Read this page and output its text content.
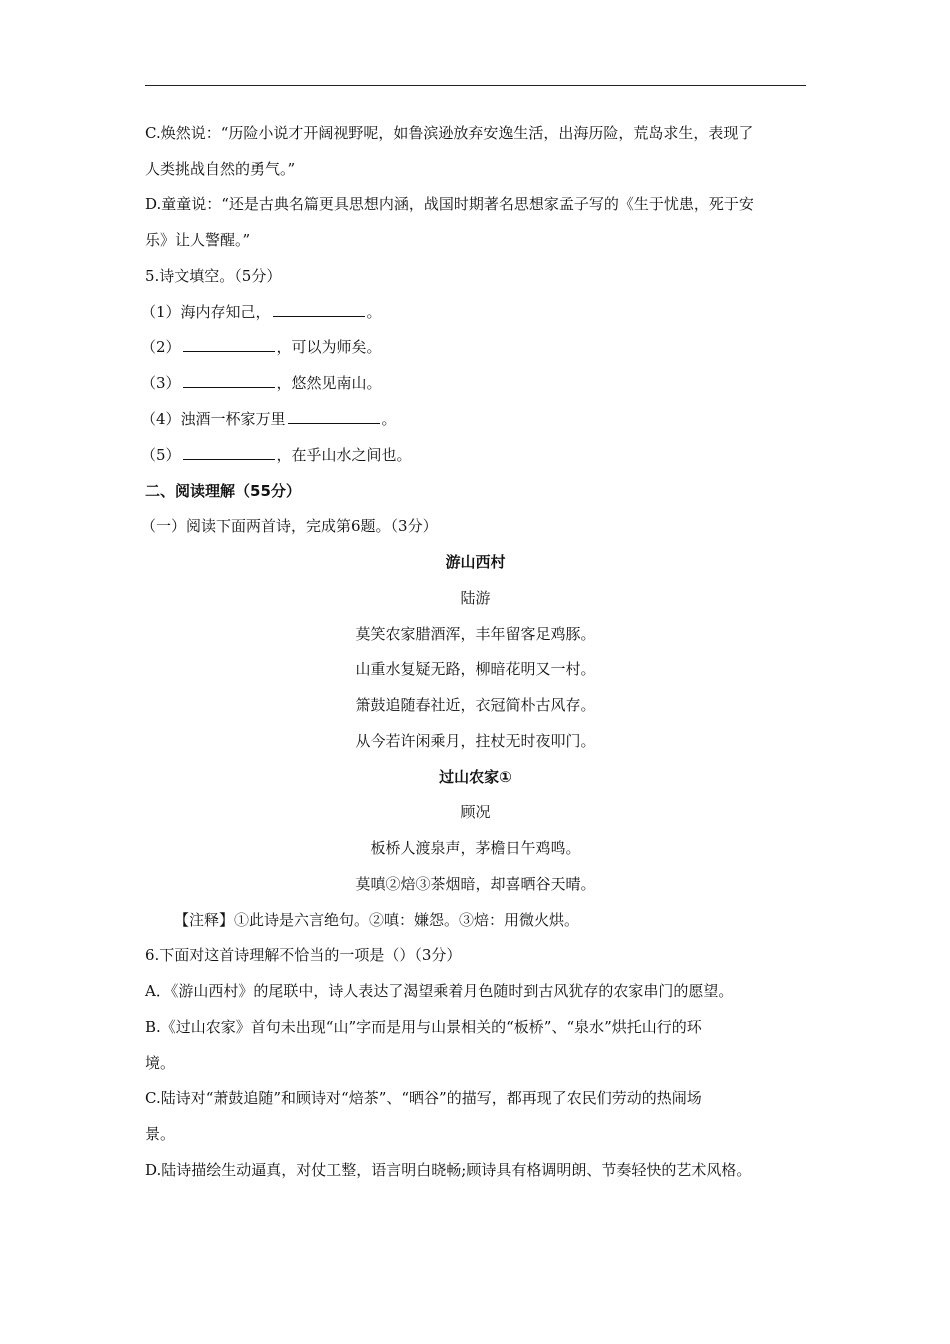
C.焕然说：“历险小说才开阔视野呢，如鲁滨逊放弃安逸生活，出海历险，荒岛求生，表现了
人类挑战自然的勇气。”
D.童童说：“还是古典名篇更具思想内涵，战国时期著名思想家孟子写的《生于忧患，死于安
乐》让人警醒。”
5.诗文填空。（5分）
（1）海内存知己，	。
（2）	，可以为师矣。
（3）	，悠然见南山。
（4）浊酒一杯家万里	。
（5）	，在乎山水之间也。
二、阅读理解（55分）
（一）阅读下面两首诗，完成第6题。（3分）
游山西村
陆游
莫笑农家腊酒浑，丰年留客足鸡豚。
山重水复疑无路，柳暗花明又一村。
箫鼓追随春社近，衣冠简朴古风存。
从今若许闲乘月，拄杖无时夜叩门。
过山农家①
顾况
板桥人渡泉声，茅檐日午鸡鸣。
莫嗔②焙③茶烟暗，却喜晒谷天晴。
【注释】①此诗是六言绝句。②嗔：嫌怨。③焙：用微火烘。
6.下面对这首诗理解不恰当的一项是（）（3分）
A．《游山西村》的尾联中，诗人表达了渴望乘着月色随时到古风犹存的农家串门的愿望。
B.《过山农家》首句未出现“山”字而是用与山景相关的“板桥”、“泉水”烘托山行的环
境。
C.陆诗对“萧鼓追随”和顾诗对“焙茶”、“晒谷”的描写，都再现了农民们劳动的热闹场
景。
D.陆诗描绘生动逼真，对仗工整，语言明白晓畅;顾诗具有格调明朗、节奏轻快的艺术风格。
